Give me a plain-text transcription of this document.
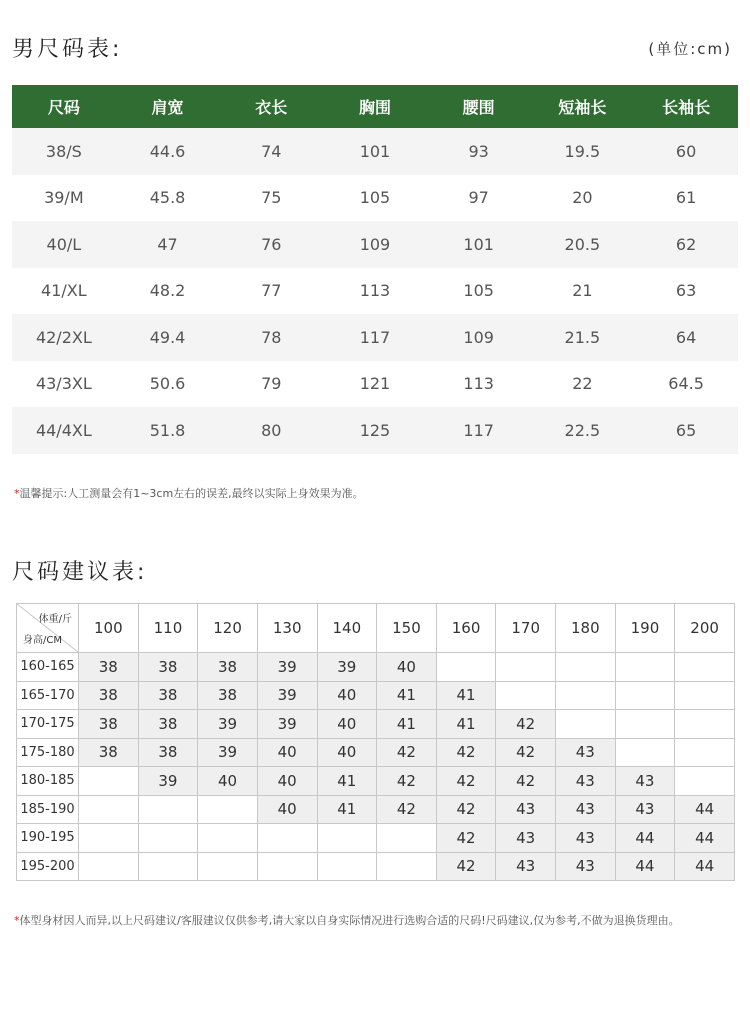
男尺码表:	(单位:cm)
尺码	肩宽	衣长	胸围	腰围	短袖长	长袖长
38/S	44.6	74	101	93	19.5	60
39/M	45.8	75	105	97	20	61
40/L	47	76	109	101	20.5	62
41/XL	48.2	77	113	105	21	63
42/2XL	49.4	78	117	109	21.5	64
43/3XL	50.6	79	121	113	22	64.5
44/4XL	51.8	80	125	117	22.5	65
*温馨提示:人工测量会有1~3cm左右的误差,最终以实际上身效果为准。
尺码建议表:
体重/斤
身高/CM	100	110	120	130	140	150	160	170	180	190	200
160-165	38	38	38	39	39	40					
165-170	38	38	38	39	40	41	41				
170-175	38	38	39	39	40	41	41	42			
175-180	38	38	39	40	40	42	42	42	43		
180-185		39	40	40	41	42	42	42	43	43	
185-190				40	41	42	42	43	43	43	44
190-195							42	43	43	44	44
195-200							42	43	43	44	44
*体型身材因人而异,以上尺码建议/客服建议仅供参考,请大家以自身实际情况进行选购合适的尺码!尺码建议,仅为参考,不做为退换货理由。
